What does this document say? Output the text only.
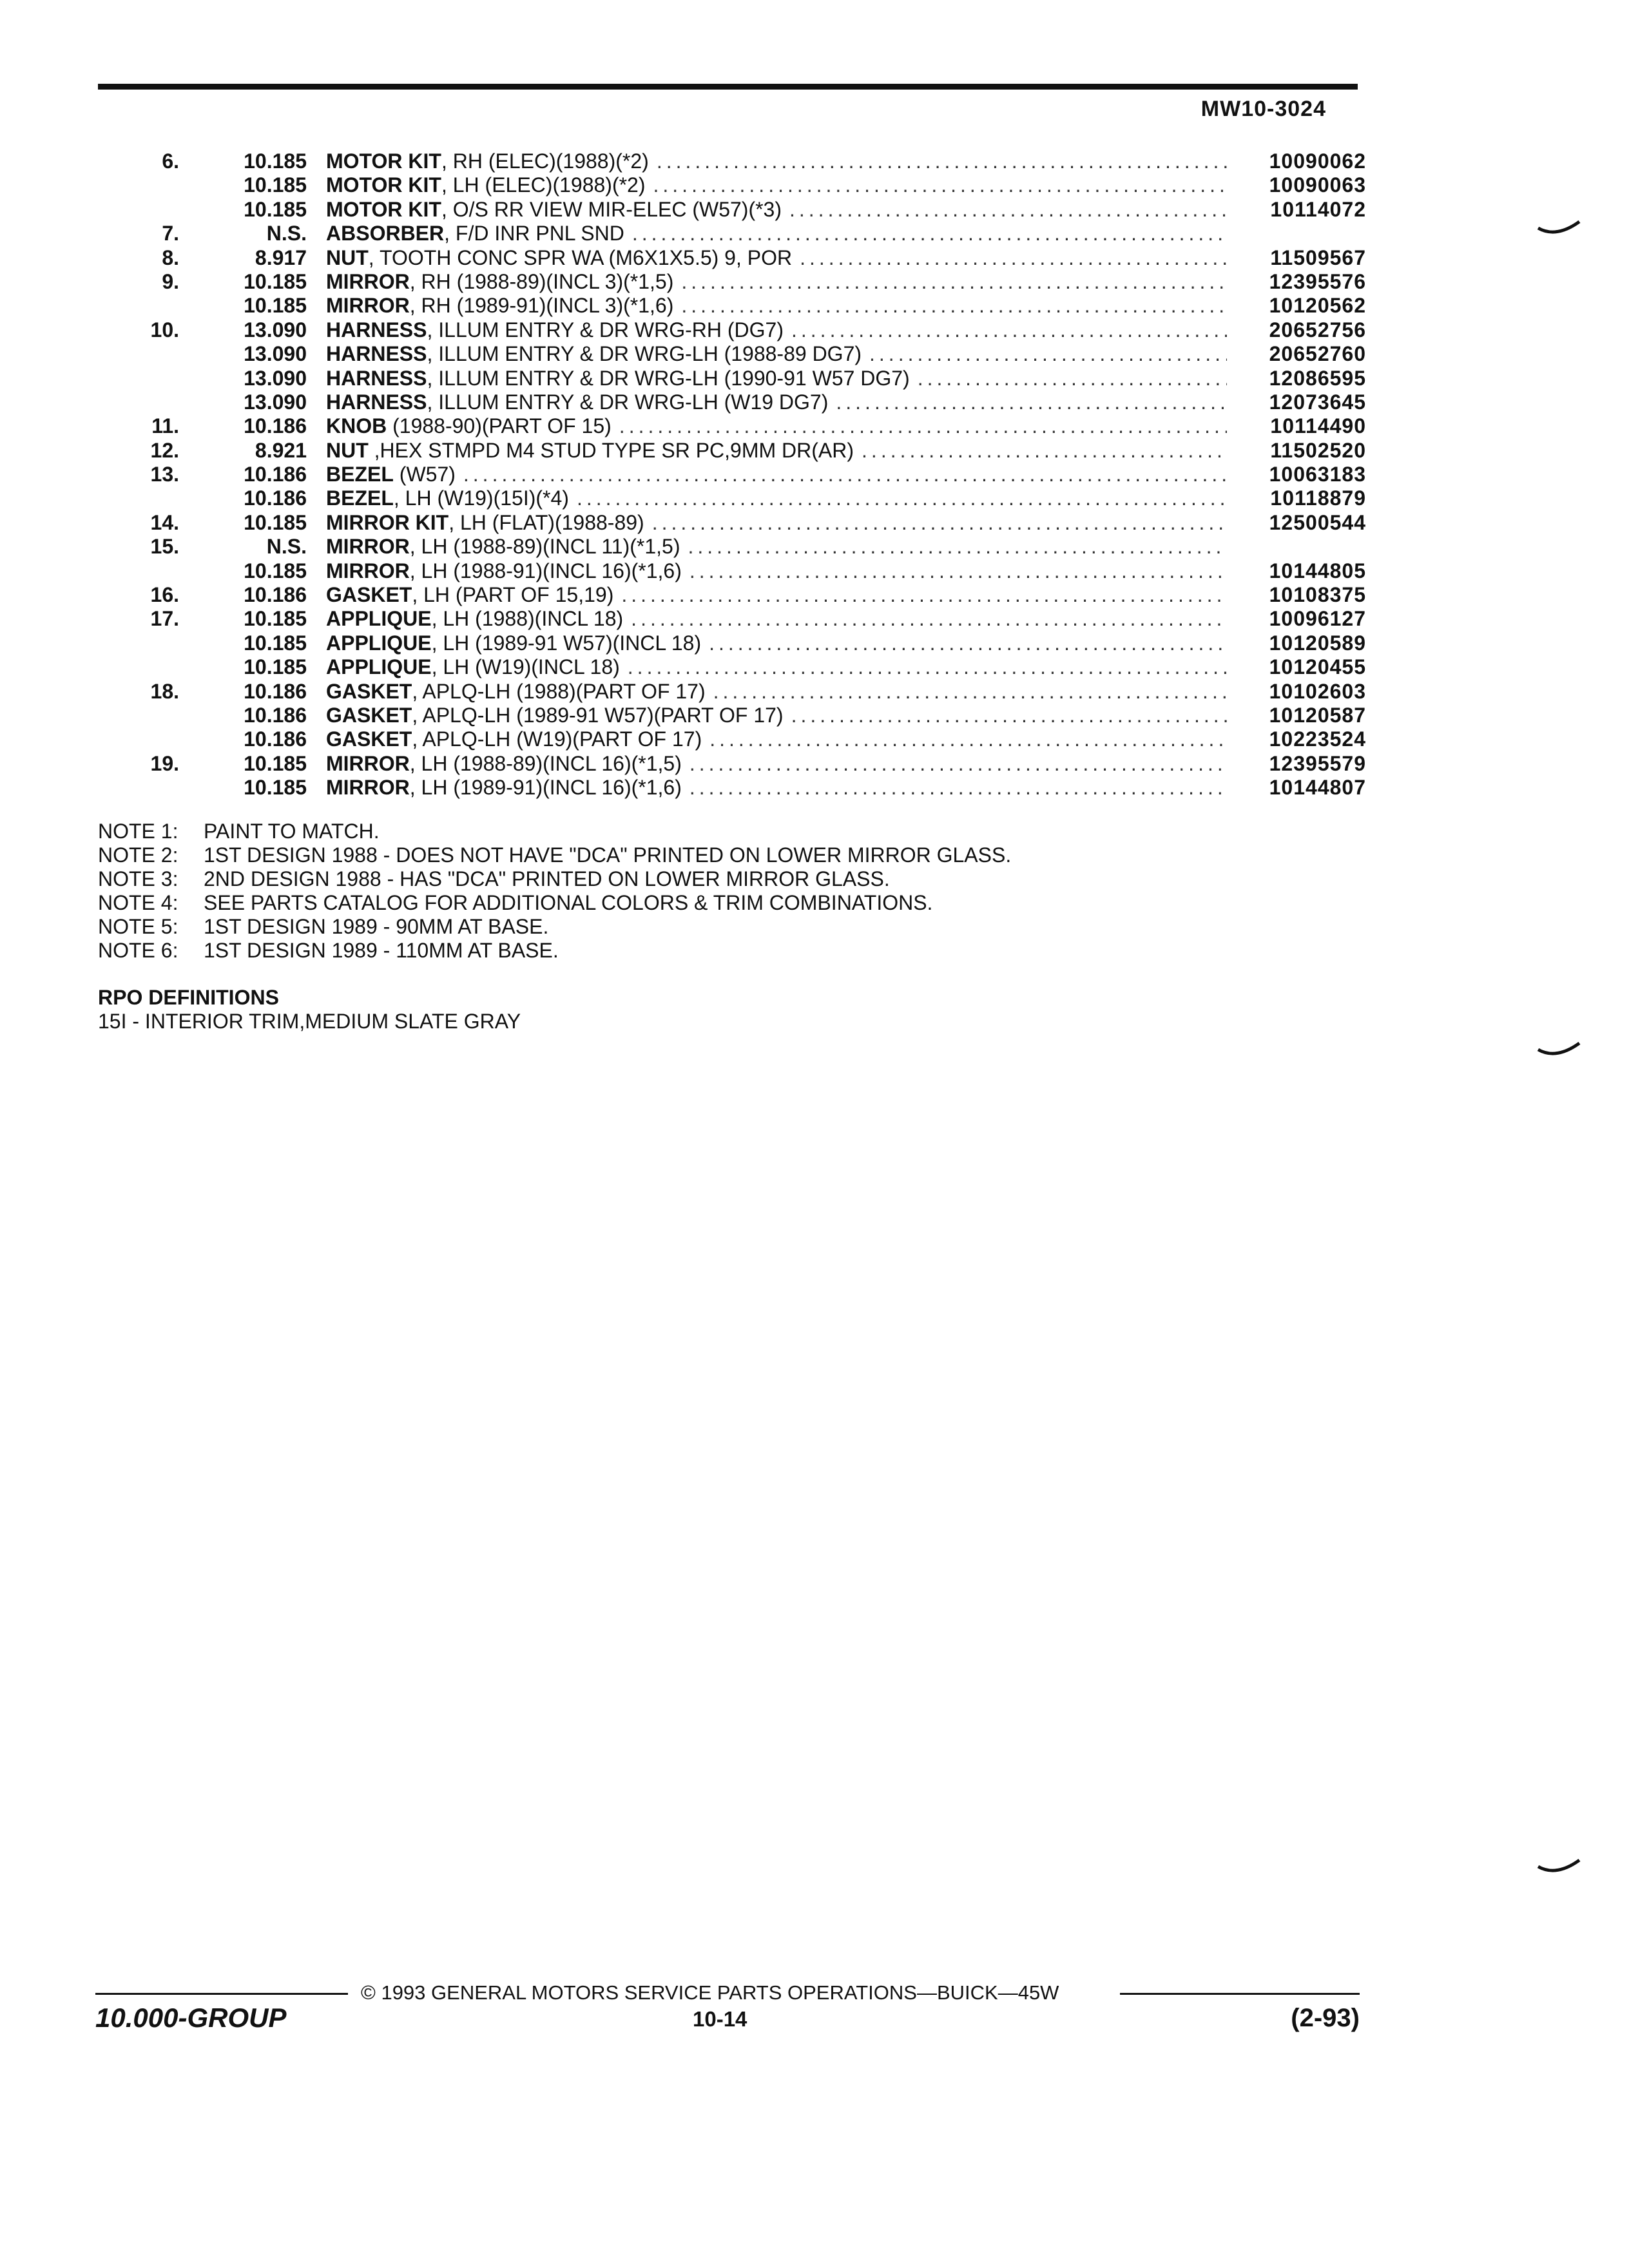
MW10-3024
6.	10.185 MOTOR KIT, RH (ELEC)(1988)(*2) .....	10090062
10.185 MOTOR KIT, LH (ELEC)(1988)(*2) .....	10090063
10.185 MOTOR KIT, O/S RR VIEW MIR-ELEC (W57)(*3) .....	10114072
7.	N.S. ABSORBER, F/D INR PNL SND
.....
8.	8.917 NUT, TOOTH CONC SPR WA (M6X1X5.5) 9, POR .....	11509567
9.	10.185 MIRROR, RH (1988-89)(INCL 3)(*1,5) .....	12395576
10.185 MIRROR, RH (1989-91)(INCL 3)(*1,6) .....	10120562
10.	13.090 HARNESS, ILLUM ENTRY & DR WRG-RH (DG7) .....	20652756
13.090 HARNESS, ILLUM ENTRY & DR WRG-LH (1988-89 DG7) .....	20652760
13.090 HARNESS, ILLUM ENTRY & DR WRG-LH (1990-91 W57 DG7) .....	12086595
13.090 HARNESS, ILLUM ENTRY & DR WRG-LH (W19 DG7) .....	12073645
11.	10.186 KNOB (1988-90)(PART OF 15) .....	10114490
12.	8.921 NUT ,HEX STMPD M4 STUD TYPE SR PC,9MM DR(AR) .....	11502520
13.	10.186 BEZEL (W57) .....	10063183
10.186 BEZEL, LH (W19)(15I)(*4) .....	10118879
14.	10.185 MIRROR KIT, LH (FLAT)(1988-89) .....	12500544
15.	N.S. MIRROR, LH (1988-89)(INCL 11)(*1,5)
.....
10.185 MIRROR, LH (1988-91)(INCL 16)(*1,6) .....	10144805
16.	10.186 GASKET, LH (PART OF 15,19) .....	10108375
17.	10.185 APPLIQUE, LH (1988)(INCL 18) .....	10096127
10.185 APPLIQUE, LH (1989-91 W57)(INCL 18) .....	10120589
10.185 APPLIQUE, LH (W19)(INCL 18) .....	10120455
18.	10.186 GASKET, APLQ-LH (1988)(PART OF 17) .....	10102603
10.186 GASKET, APLQ-LH (1989-91 W57)(PART OF 17) .....	10120587
10.186 GASKET, APLQ-LH (W19)(PART OF 17) .....	10223524
19.	10.185 MIRROR, LH (1988-89)(INCL 16)(*1,5) .....	12395579
10.185 MIRROR, LH (1989-91)(INCL 16)(*1,6) .....	10144807
NOTE 1:	PAINT TO MATCH.
NOTE 2:	1ST DESIGN 1988 - DOES NOT HAVE "DCA" PRINTED ON LOWER MIRROR GLASS.
NOTE 3:	2ND DESIGN 1988 - HAS "DCA" PRINTED ON LOWER MIRROR GLASS.
NOTE 4:	SEE PARTS CATALOG FOR ADDITIONAL COLORS & TRIM COMBINATIONS.
NOTE 5:	1ST DESIGN 1989 - 90MM AT BASE.
NOTE 6:	1ST DESIGN 1989 - 110MM AT BASE.
RPO DEFINITIONS
15I - INTERIOR TRIM,MEDIUM SLATE GRAY
© 1993 GENERAL MOTORS SERVICE PARTS OPERATIONS—BUICK—45W
10.000-GROUP	10-14	(2-93)
